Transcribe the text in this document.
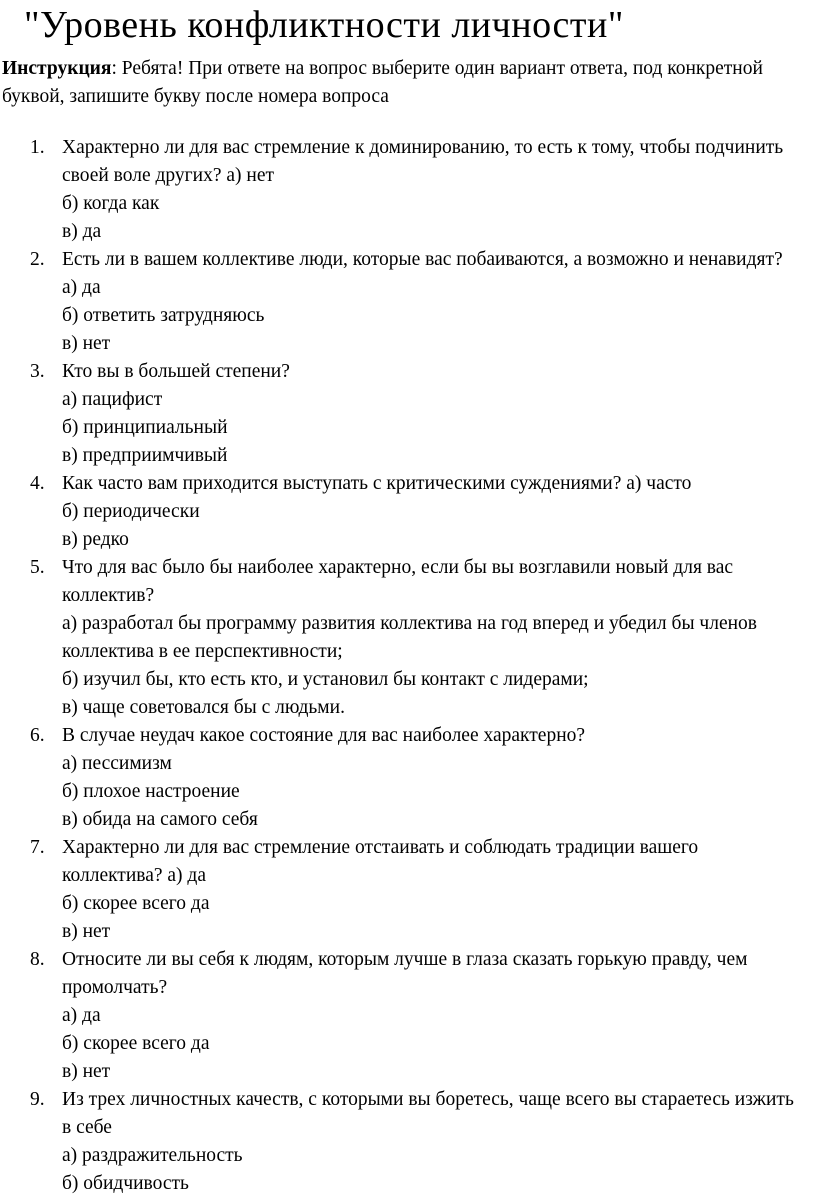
"Уровень конфликтности личности"
Инструкция: Ребята! При ответе на вопрос выберите один вариант ответа, под конкретной буквой, запишите букву после номера вопроса
1. Характерно ли для вас стремление к доминированию, то есть к тому, чтобы подчинить своей воле других? а) нет
б) когда как
в) да
2. Есть ли в вашем коллективе люди, которые вас побаиваются, а возможно и ненавидят? а) да
б) ответить затрудняюсь
в) нет
3. Кто вы в большей степени?
а) пацифист
б) принципиальный
в) предприимчивый
4. Как часто вам приходится выступать с критическими суждениями? а) часто
б) периодически
в) редко
5. Что для вас было бы наиболее характерно, если бы вы возглавили новый для вас коллектив?
а) разработал бы программу развития коллектива на год вперед и убедил бы членов коллектива в ее перспективности;
б) изучил бы, кто есть кто, и установил бы контакт с лидерами;
в) чаще советовался бы с людьми.
6. В случае неудач какое состояние для вас наиболее характерно?
а) пессимизм
б) плохое настроение
в) обида на самого себя
7. Характерно ли для вас стремление отстаивать и соблюдать традиции вашего коллектива? а) да
б) скорее всего да
в) нет
8. Относите ли вы себя к людям, которым лучше в глаза сказать горькую правду, чем промолчать?
а) да
б) скорее всего да
в) нет
9. Из трех личностных качеств, с которыми вы боретесь, чаще всего вы стараетесь изжить в себе
а) раздражительность
б) обидчивость
